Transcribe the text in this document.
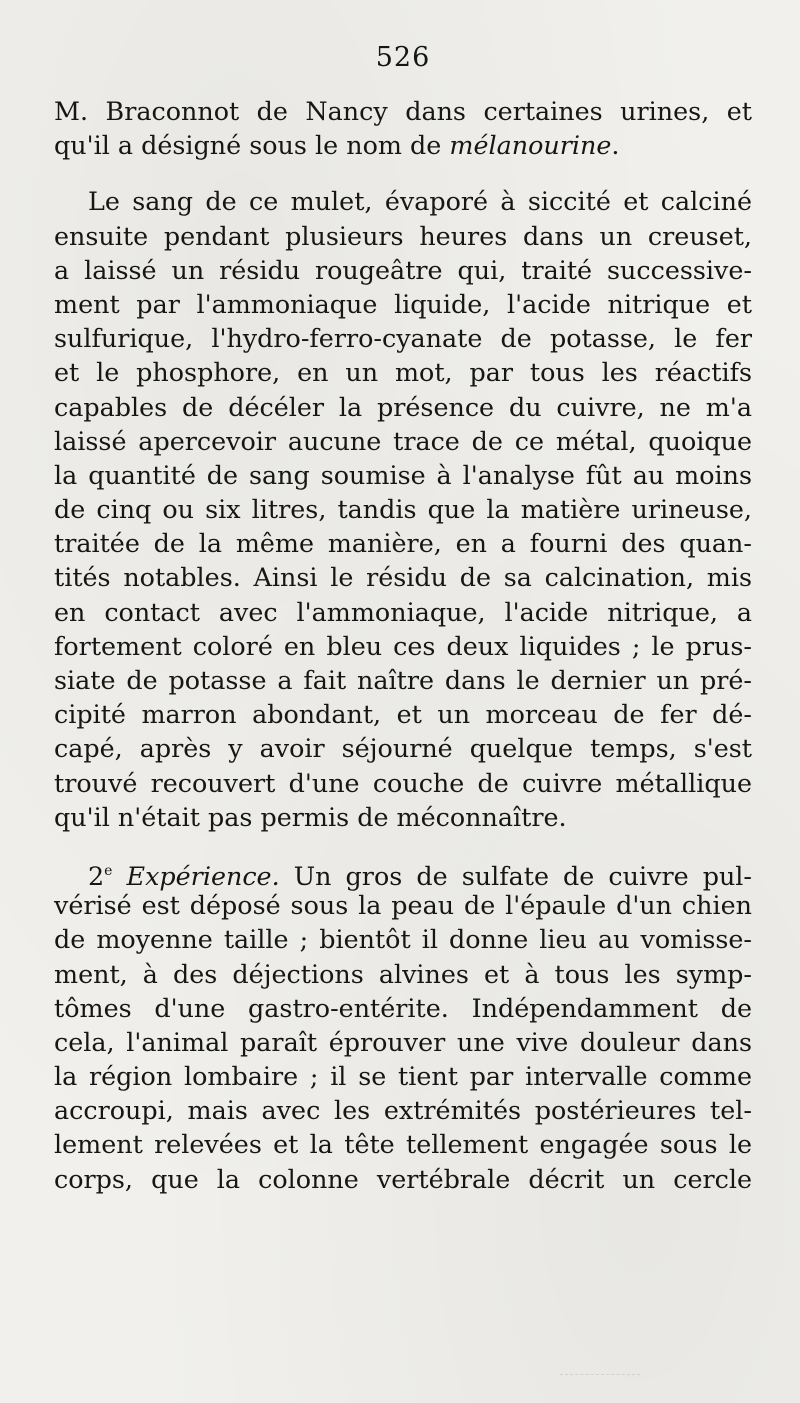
526
M. Braconnot de Nancy dans certaines urines, et
qu'il a désigné sous le nom de mélanourine.
Le sang de ce mulet, évaporé à siccité et calciné
ensuite pendant plusieurs heures dans un creuset,
a laissé un résidu rougeâtre qui, traité successive-
ment par l'ammoniaque liquide, l'acide nitrique et
sulfurique, l'hydro-ferro-cyanate de potasse, le fer
et le phosphore, en un mot, par tous les réactifs
capables de décéler la présence du cuivre, ne m'a
laissé apercevoir aucune trace de ce métal, quoique
la quantité de sang soumise à l'analyse fût au moins
de cinq ou six litres, tandis que la matière urineuse,
traitée de la même manière, en a fourni des quan-
tités notables. Ainsi le résidu de sa calcination, mis
en contact avec l'ammoniaque, l'acide nitrique, a
fortement coloré en bleu ces deux liquides ; le prus-
siate de potasse a fait naître dans le dernier un pré-
cipité marron abondant, et un morceau de fer dé-
capé, après y avoir séjourné quelque temps, s'est
trouvé recouvert d'une couche de cuivre métallique
qu'il n'était pas permis de méconnaître.
2e Expérience. Un gros de sulfate de cuivre pul-
vérisé est déposé sous la peau de l'épaule d'un chien
de moyenne taille ; bientôt il donne lieu au vomisse-
ment, à des déjections alvines et à tous les symp-
tômes d'une gastro-entérite. Indépendamment de
cela, l'animal paraît éprouver une vive douleur dans
la région lombaire ; il se tient par intervalle comme
accroupi, mais avec les extrémités postérieures tel-
lement relevées et la tête tellement engagée sous le
corps, que la colonne vertébrale décrit un cercle
